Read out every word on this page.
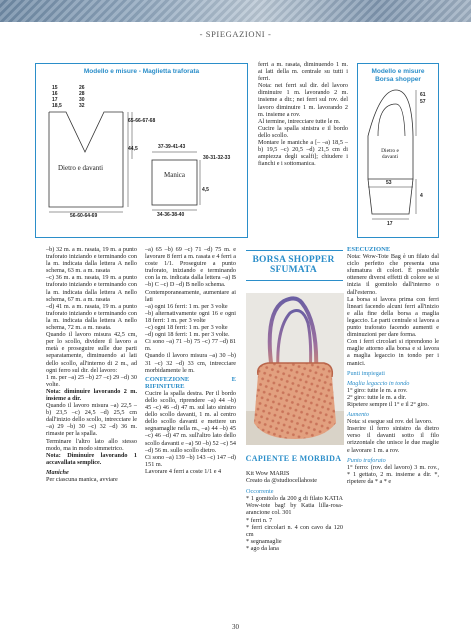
- SPIEGAZIONI -
Modello e misure - Maglietta traforata
15
16
17
18,5
26
28
30
32
65-66-67-68
44,5
Dietro e davanti
56-60-64-69
37-39-41-43
30-31-32-33
Manica
4,5
34-36-38-40

ferri a m. rasata, diminuendo 1 m. ai lati della m. centrale su tutti i ferri.

Nota: nei ferri sul dir. del lavoro diminuire 1 m. lavorando 2 m. insieme a dir.; nei ferri sul rov. del lavoro diminuire 1 m. lavorando 2 m. insieme a rov.

Al termine, intrecciare tutte le m.

Cucire la spalla sinistra e il bordo dello scollo.

Montare le maniche a [– –a) 18,5 –b) 19,5 –c) 20,5 –d) 21,5 cm di ampiezza degli scalfi]; chiudere i fianchi e i sottomanica.

Modello e misure Borsa shopper
61
57
Dietro e davanti
53
4
17

–b) 32 m. a m. rasata, 19 m. a punto traforato iniziando e terminando con la m. indicata dalla lettera A nello schema, 63 m. a m. rasata

–c) 36 m. a m. rasata, 19 m. a punto traforato iniziando e terminando con la m. indicata dalla lettera A nello schema, 67 m. a m. rasata

–d) 41 m. a m. rasata, 19 m. a punto traforato iniziando e terminando con la m. indicata dalla lettera A nello schema, 72 m. a m. rasata.

Quando il lavoro misura 42,5 cm, per lo scollo, dividere il lavoro a metà e proseguire sulle due parti separatamente, diminuendo ai lati dello scollo, all'interno di 2 m., ad ogni ferro sul dir. del lavoro:

1 m. per –a) 25 –b) 27 –c) 29 –d) 30 volte.

Nota: diminuire lavorando 2 m. insieme a dir.

Quando il lavoro misura –a) 22,5 –b) 23,5 –c) 24,5 –d) 25,5 cm dall'inizio dello scollo, intrecciare le –a) 29 –b) 30 –c) 32 –d) 36 m. rimaste per la spalla.

Terminare l'altro lato allo stesso modo, ma in modo simmetrico.

Nota: Diminuire lavorando 1 accavallata semplice.

Maniche

Per ciascuna manica, avviare

–a) 65 –b) 69 –c) 71 –d) 75 m. e lavorare 8 ferri a m. rasata e 4 ferri a coste 1/1. Proseguire a punto traforato, iniziando e terminando con la m. indicata dalla lettera –a) B –b) C –c) D –d) B nello schema.

Contemporaneamente, aumentare ai lati

–a) ogni 16 ferri: 1 m. per 3 volte

–b) alternativamente ogni 16 e ogni 18 ferri: 1 m. per 3 volte

–c) ogni 18 ferri: 1 m. per 3 volte

–d) ogni 18 ferri: 1 m. per 3 volte.

Ci sono –a) 71 –b) 75 –c) 77 –d) 81 m.

Quando il lavoro misura –a) 30 –b) 31 –c) 32 –d) 33 cm, intrecciare morbidamente le m.

CONFEZIONE E RIFINITURE

Cucire la spalla destra. Per il bordo dello scollo, riprendere –a) 44 –b) 45 –c) 46 –d) 47 m. sul lato sinistro dello scollo davanti, 1 m. al centro dello scollo davanti e mettere un segnamaglie nella m., –a) 44 –b) 45 –c) 46 –d) 47 m. sull'altro lato dello scollo davanti e –a) 50 –b) 52 –c) 54 –d) 56 m. sullo scollo dietro.

Ci sono –a) 139 –b) 143 –c) 147 –d) 151 m.

Lavorare 4 ferri a coste 1/1 e 4

BORSA SHOPPER
SFUMATA
CAPIENTE E MORBIDA

Kit Wow MARIS

Creato da @studiocellahoste

Occorrente

* 1 gomitolo da 200 g di filato KATIA Wow-tote bag! by Katia lilla-rosa-arancione col. 301

* ferri n. 7

* ferri circolari n. 4 con cavo da 120 cm

* segnamaglie

* ago da lana

ESECUZIONE

Nota: Wow-Tote Bag è un filato dal ciclo perfetto che presenta una sfumatura di colori. È possibile ottenere diversi effetti di colore se si inizia il gomitolo dall'interno o dall'esterno.

La borsa si lavora prima con ferri lineari facendo alcuni ferri all'inizio e alla fine della borsa a maglia legaccio. Le parti centrale si lavora a punto traforato facendo aumenti e diminuzioni per dare forma.

Con i ferri circolari si riprendono le maglie attorno alla borsa e si lavora a maglia legaccio in tondo per i manici.

Punti impiegati

Maglia legaccio in tondo

1° giro: tutte le m. a rov.

2° giro: tutte le m. a dir.

Ripetere sempre il 1° e il 2° giro.

Aumento

Nota: si esegue sul rov. del lavoro.

Inserire il ferro sinistro da dietro verso il davanti sotto il filo orizzontale che unisce le due maglie e lavorare 1 m. a rov.

Punto traforato

1° ferro: (rov. del lavoro) 3 m. rov., * 1 gettato, 2 m. insieme a dir. *, ripetere da * a * e

30
